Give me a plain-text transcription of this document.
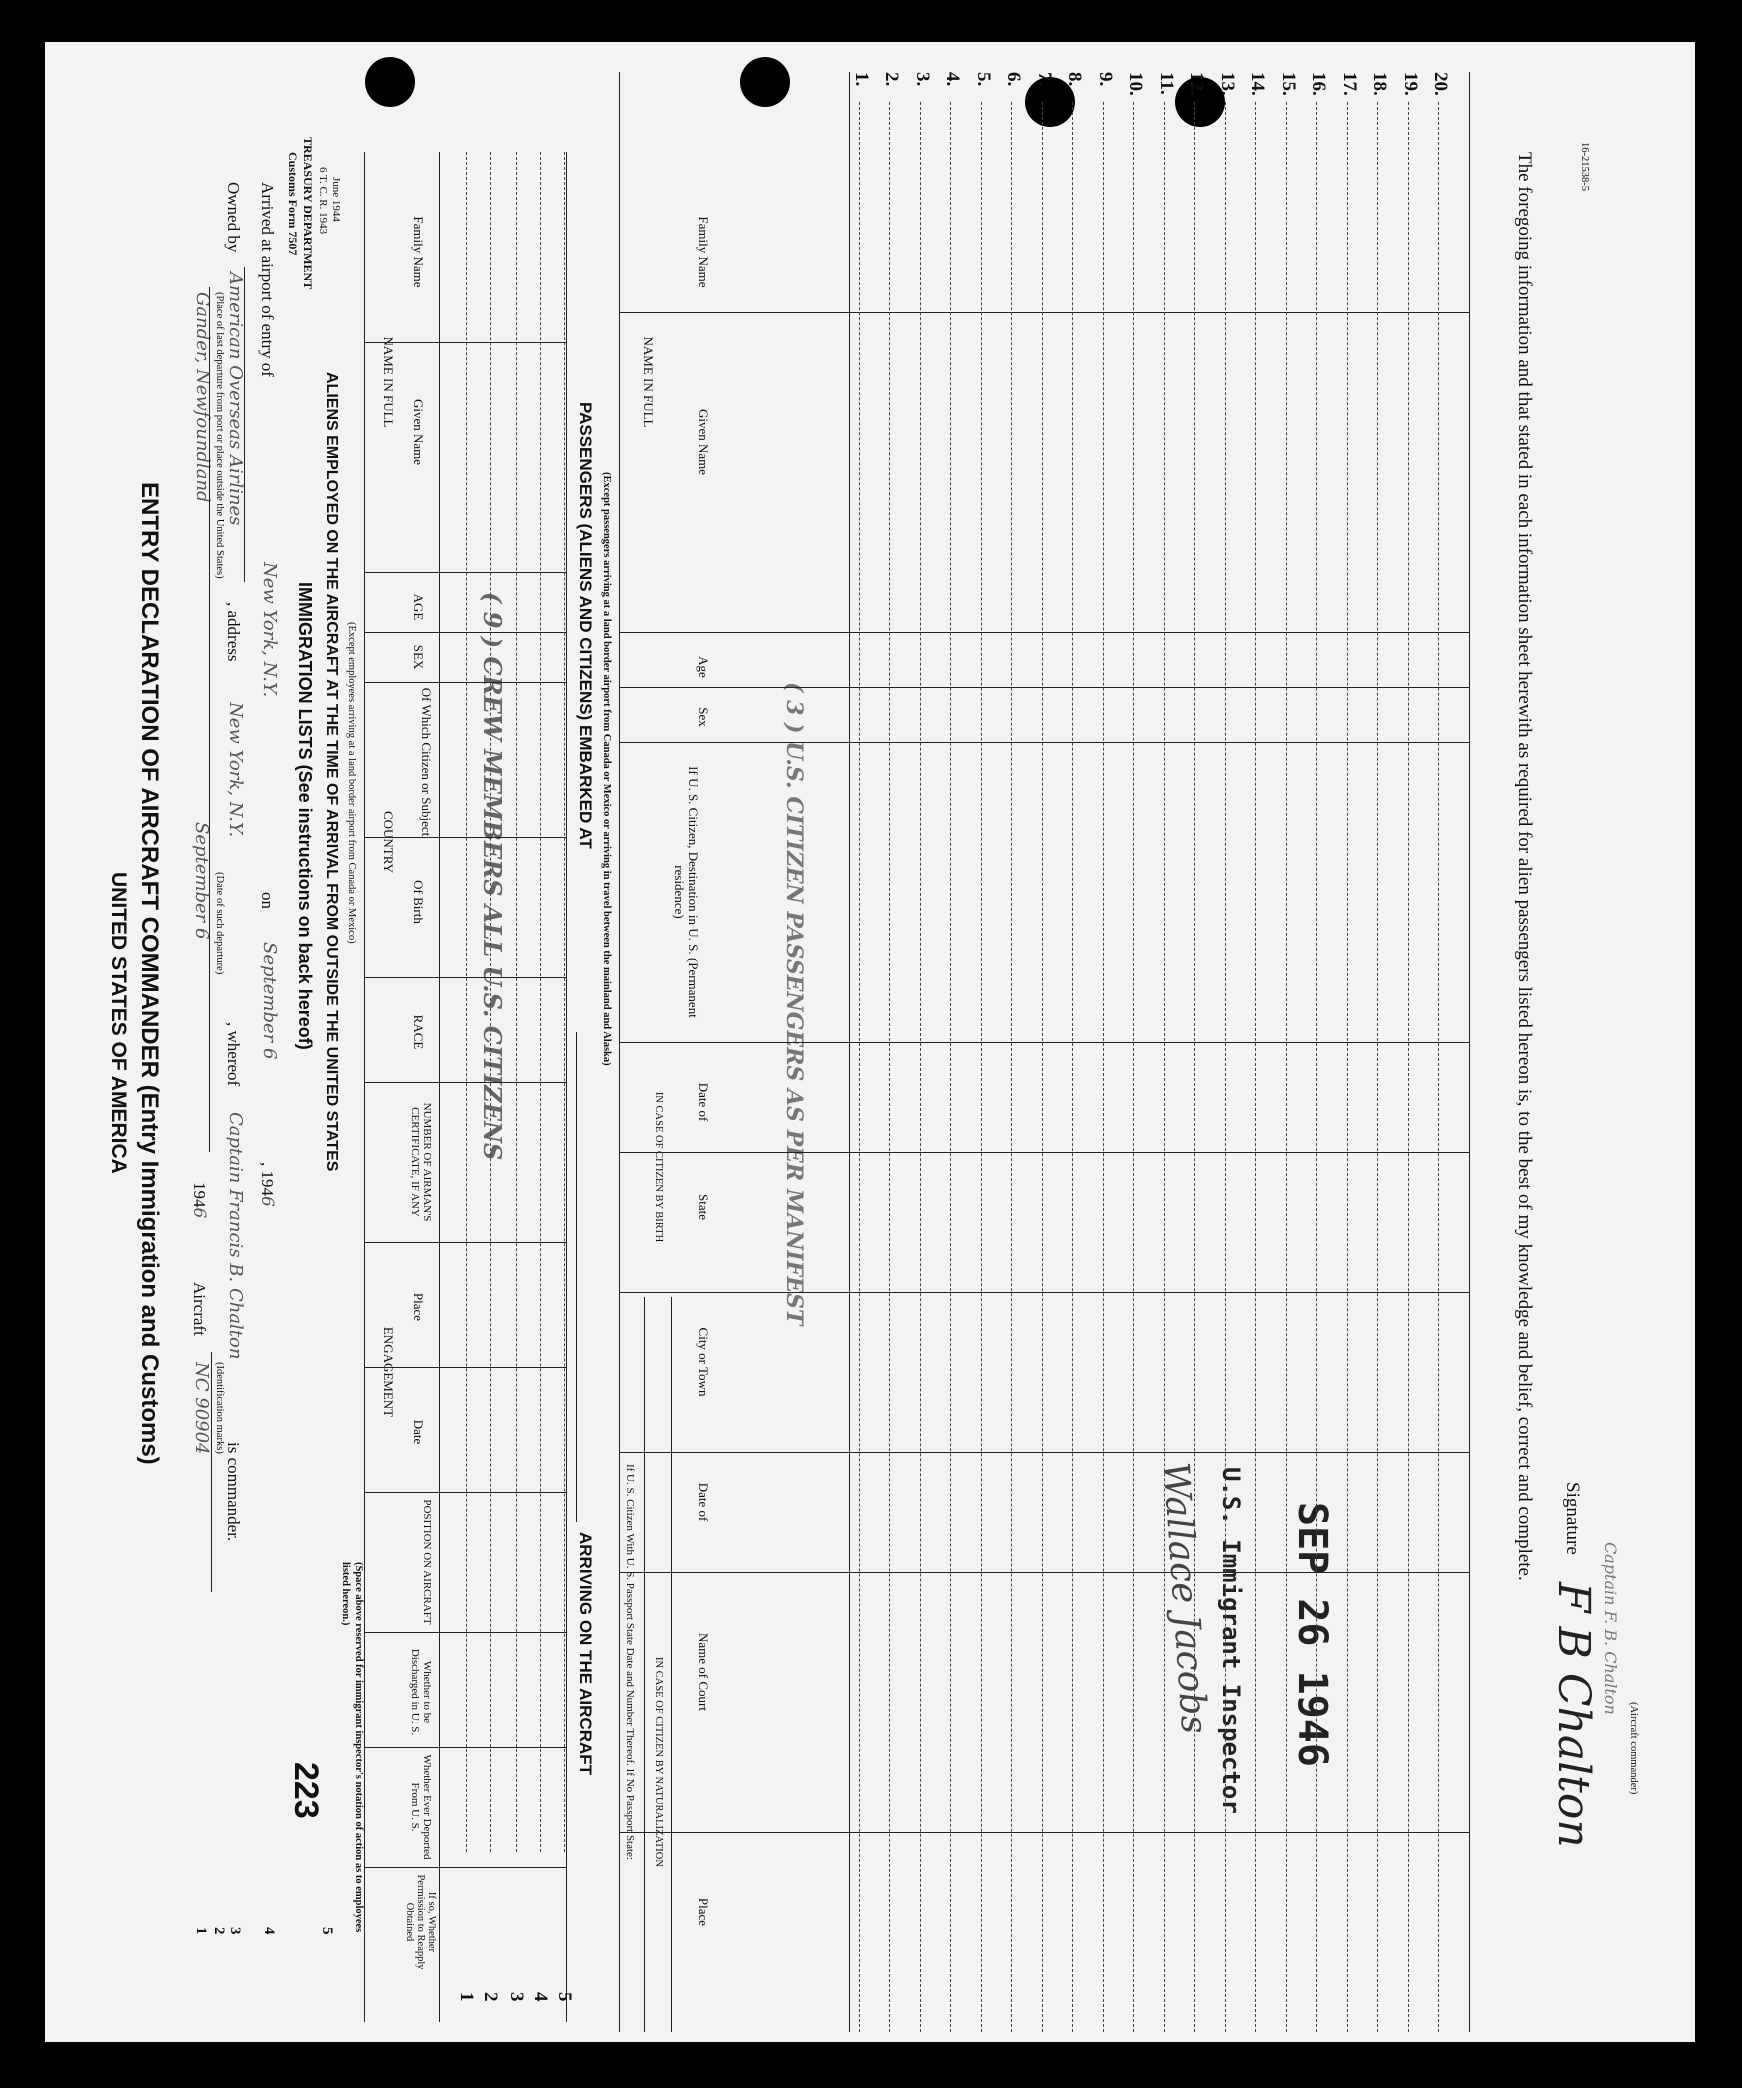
Customs Form 7507 TREASURY DEPARTMENT 6 T. C. R. 1943 June 1944
UNITED STATES OF AMERICA ENTRY DECLARATION OF AIRCRAFT COMMANDER (Entry Immigration and Customs)
Gander, Newfoundland
September 6
1946
Aircraft
NC 90904
1
(Place of last departure from port or place outside the United States)
(Date of such departure)
(Identification marks)
2
Owned by
American Overseas Airlines
, address
New York, N.Y.
, whereof
Captain Francis B. Chalton
is commander.
3
Arrived at airport of entry of
New York, N.Y.
on
September 6
, 1946
4	(Space above reserved for immigrant inspector's notation of action as to employees listed hereon.)
5
223
IMMIGRATION LISTS (See instructions on back hereof) ALIENS EMPLOYED ON THE AIRCRAFT AT THE TIME OF ARRIVAL FROM OUTSIDE THE UNITED STATES (Except employees arriving at a land border airport from Canada or Mexico)
NAME IN FULL
Family Name
Given Name
AGE
SEX
COUNTRY
Of Which Citizen or Subject
Of Birth
RACE
NUMBER OF AIRMAN'S CERTIFICATE, IF ANY
ENGAGEMENT
Place
Date
POSITION ON AIRCRAFT
Whether to be Discharged in U. S.
Whether Ever Deported From U. S.
If so, Whether Permission to Reapply Obtained
( 9 ) CREW MEMBERS ALL U.S. CITIZENS	PASSENGERS (ALIENS AND CITIZENS) EMBARKED AT
ARRIVING ON THE AIRCRAFT
(Except passengers arriving at a land border airport from Canada or Mexico or arriving in travel between the mainland and Alaska)
NAME IN FULL
Family Name
Given Name
Age
Sex
If U. S. Citizen, Destination in U. S. (Permanent residence)
If U. S. Citizen With U. S. Passport State Date and Number Thereof. If No Passport State:
IN CASE OF CITIZEN BY BIRTH
IN CASE OF CITIZEN BY NATURALIZATION
Date of
State
City or Town
Date of
Name of Court
Place
( 3 ) U.S. CITIZEN PASSENGERS AS PER MANIFEST
Wallace Jacobs U.S. Immigrant Inspector SEP 26 1946
The foregoing information and that stated in each information sheet herewith as required for alien passengers listed hereon is, to the best of my knowledge and belief, correct and complete. Signature
F B Chalton Captain F. B. Chalton
(Aircraft commander)
16-21538-5
1 2 3 4 5
1. 2. 3. 4. 5. 6. 7. 8. 9. 10. 11. 12. 13. 14. 15. 16. 17. 18. 19. 20.
